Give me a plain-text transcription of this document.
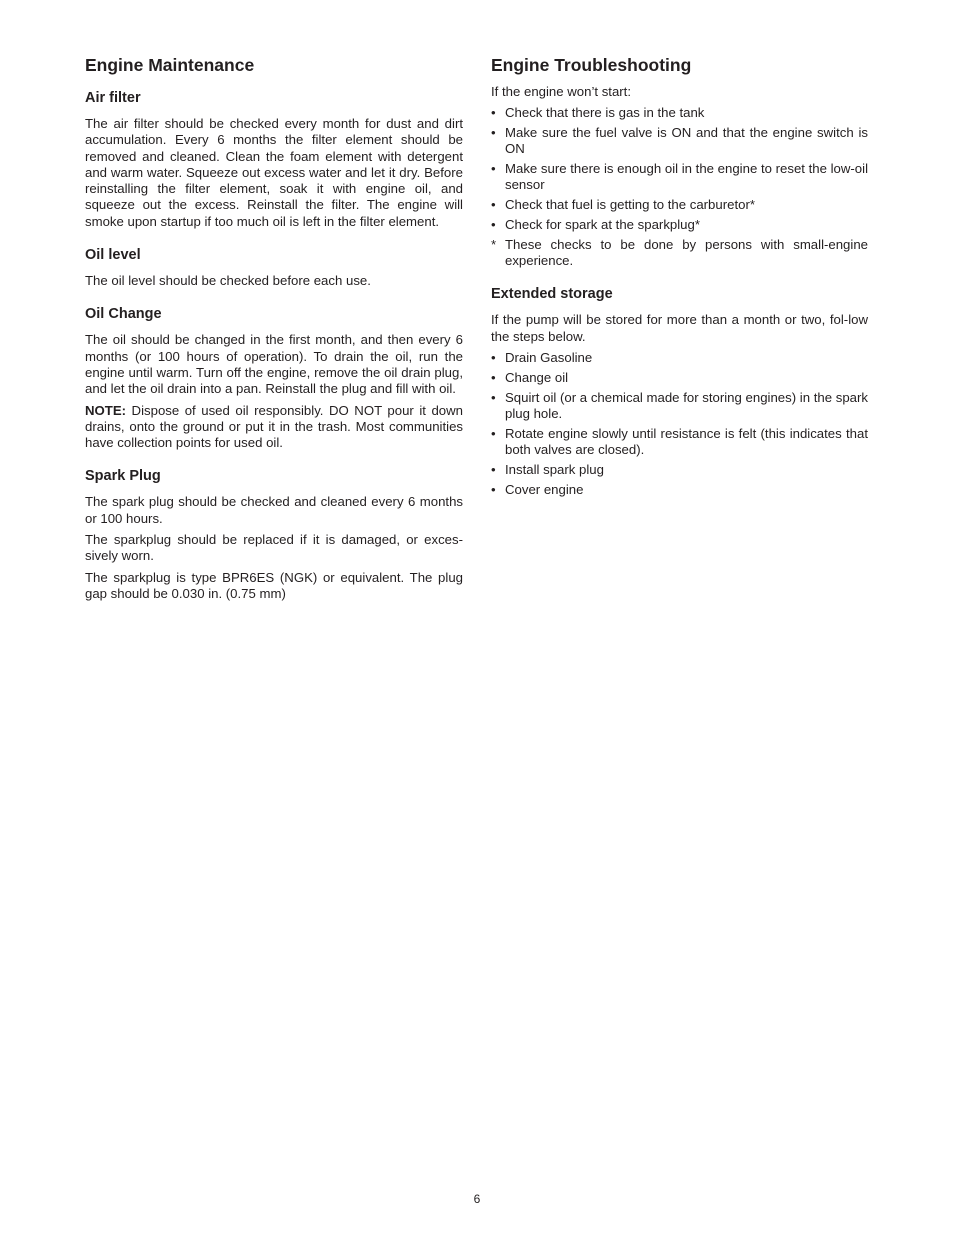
Engine Maintenance
Air filter

The air filter should be checked every month for dust and dirt accumulation. Every 6 months the filter element should be removed and cleaned. Clean the foam element with detergent and warm water. Squeeze out excess water and let it dry. Before reinstalling the filter element, soak it with engine oil, and squeeze out the excess. Reinstall the filter. The engine will smoke upon startup if too much oil is left in the filter element.

Oil level

The oil level should be checked before each use.

Oil Change

The oil should be changed in the first month, and then every 6 months (or 100 hours of operation). To drain the oil, run the engine until warm. Turn off the engine, remove the oil drain plug, and let the oil drain into a pan. Reinstall the plug and fill with oil.

NOTE: Dispose of used oil responsibly. DO NOT pour it down drains, onto the ground or put it in the trash. Most communities have collection points for used oil.

Spark Plug

The spark plug should be checked and cleaned every 6 months or 100 hours.

The sparkplug should be replaced if it is damaged, or exces-sively worn.

The sparkplug is type BPR6ES (NGK) or equivalent. The plug gap should be 0.030 in. (0.75 mm)

Engine Troubleshooting

If the engine won’t start:

• Check that there is gas in the tank
• Make sure the fuel valve is ON and that the engine switch is ON
• Make sure there is enough oil in the engine to reset the low-oil sensor
• Check that fuel is getting to the carburetor*
• Check for spark at the sparkplug*
* These checks to be done by persons with small-engine experience.
Extended storage

If the pump will be stored for more than a month or two, fol-low the steps below.

• Drain Gasoline
• Change oil
• Squirt oil (or a chemical made for storing engines) in the spark plug hole.
• Rotate engine slowly until resistance is felt (this indicates that both valves are closed).
• Install spark plug
• Cover engine
6
